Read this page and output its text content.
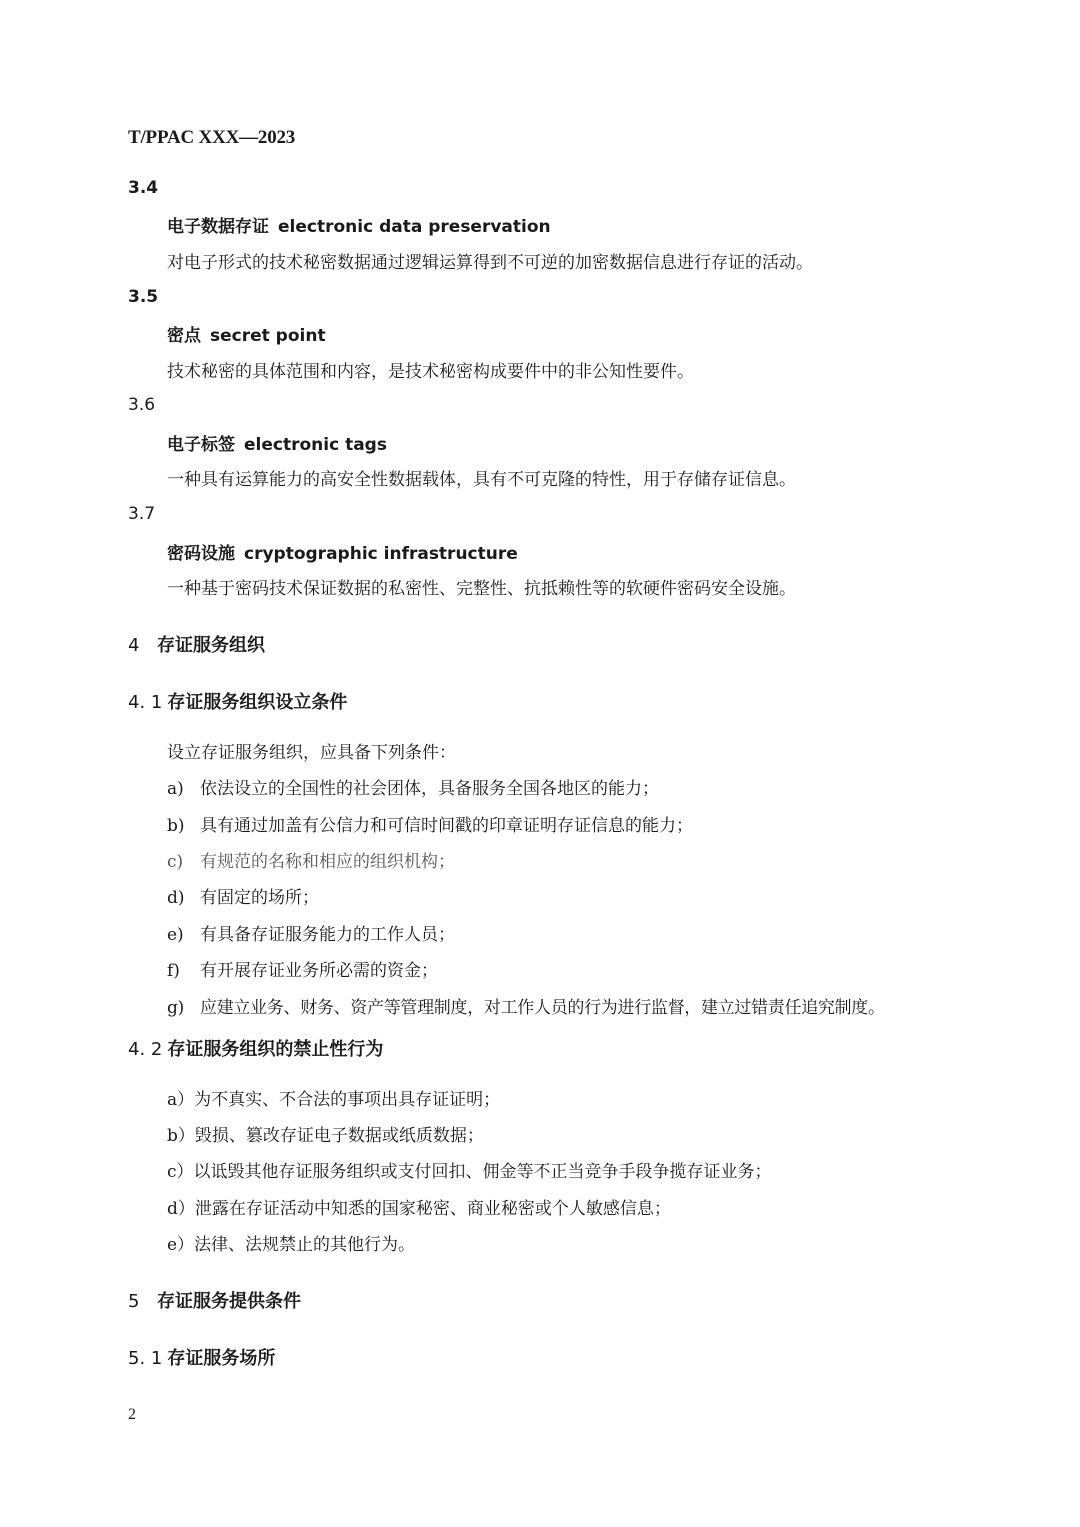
T/PPAC XXX—2023
3.4
电子数据存证 electronic data preservation
对电子形式的技术秘密数据通过逻辑运算得到不可逆的加密数据信息进行存证的活动。
3.5
密点 secret point
技术秘密的具体范围和内容，是技术秘密构成要件中的非公知性要件。
3.6
电子标签 electronic tags
一种具有运算能力的高安全性数据载体，具有不可克隆的特性，用于存储存证信息。
3.7
密码设施 cryptographic infrastructure
一种基于密码技术保证数据的私密性、完整性、抗抵赖性等的软硬件密码安全设施。
4 存证服务组织
4. 1 存证服务组织设立条件
设立存证服务组织，应具备下列条件：
a) 依法设立的全国性的社会团体，具备服务全国各地区的能力；
b) 具有通过加盖有公信力和可信时间戳的印章证明存证信息的能力；
c) 有规范的名称和相应的组织机构；
d) 有固定的场所；
e) 有具备存证服务能力的工作人员；
f) 有开展存证业务所必需的资金；
g) 应建立业务、财务、资产等管理制度，对工作人员的行为进行监督，建立过错责任追究制度。
4. 2 存证服务组织的禁止性行为
a）为不真实、不合法的事项出具存证证明；
b）毁损、篡改存证电子数据或纸质数据；
c）以诋毁其他存证服务组织或支付回扣、佣金等不正当竞争手段争揽存证业务；
d）泄露在存证活动中知悉的国家秘密、商业秘密或个人敏感信息；
e）法律、法规禁止的其他行为。
5 存证服务提供条件
5. 1 存证服务场所
2
